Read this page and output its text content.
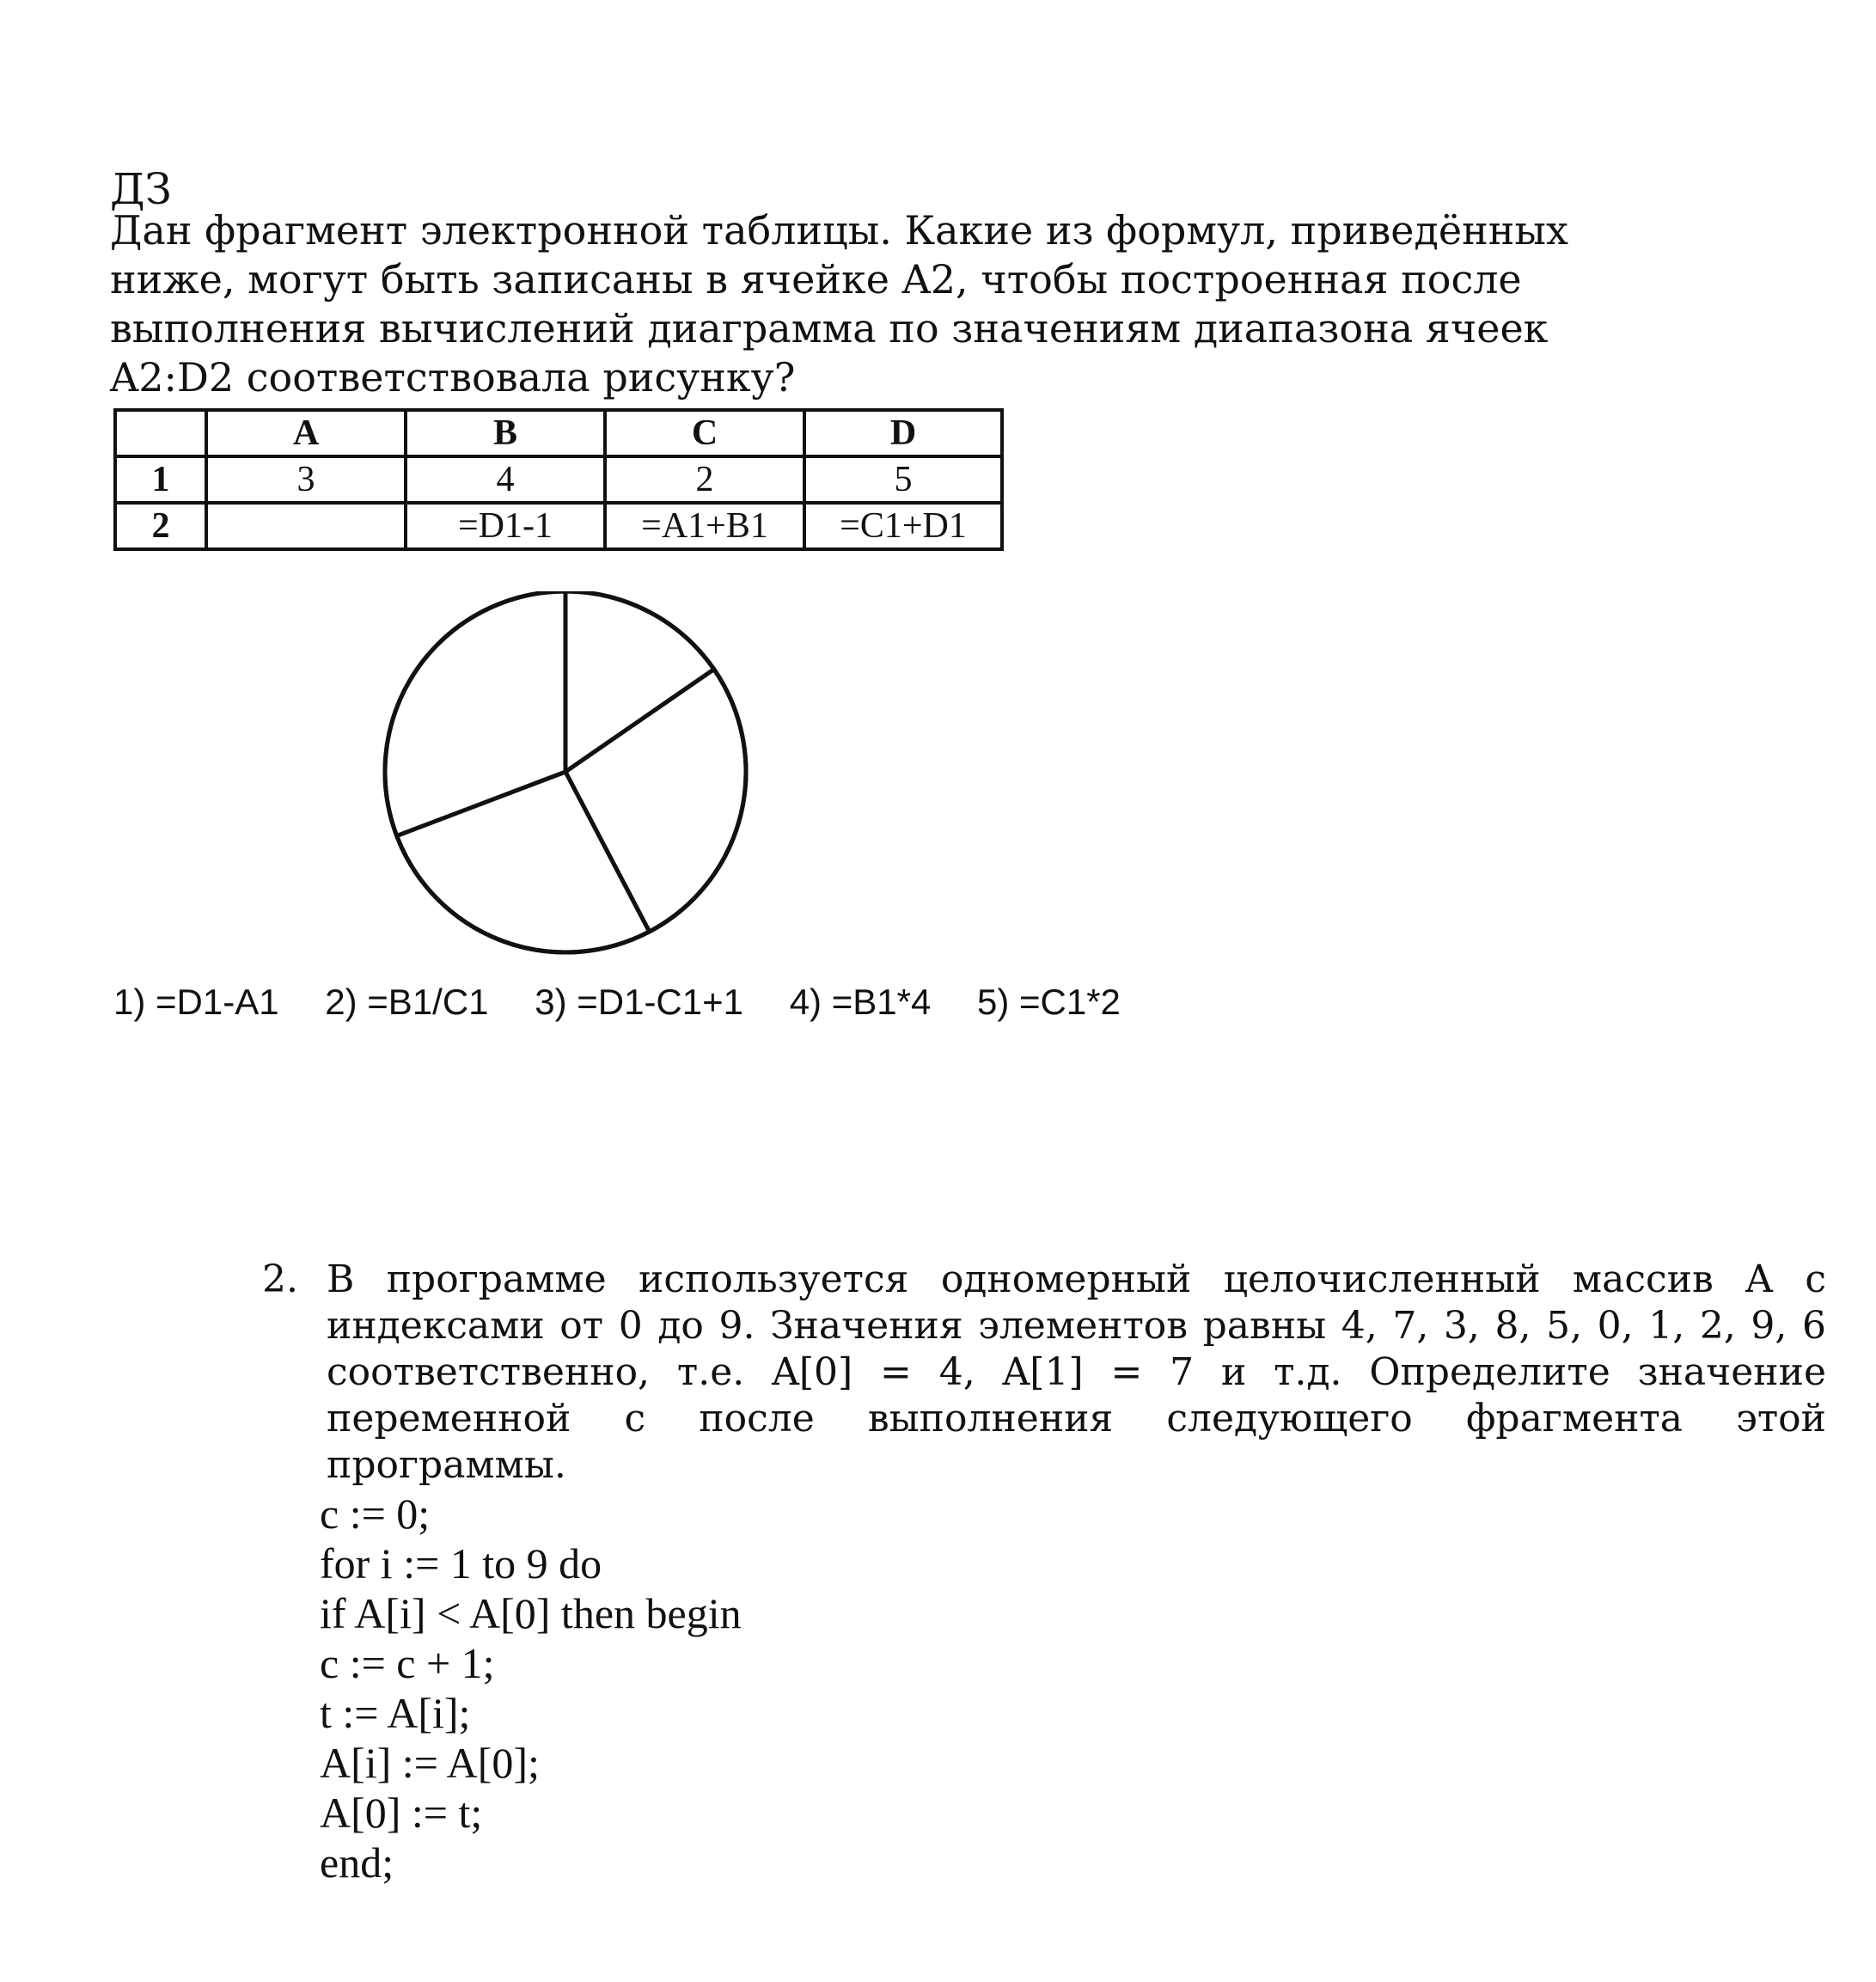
ДЗ
Дан фрагмент электронной таблицы. Какие из формул, приведённых
ниже, могут быть записаны в ячейке A2, чтобы построенная после
выполнения вычислений диаграмма по значениям диапазона ячеек
A2:D2 соответствовала рисунку?
	A	B	C	D
1	3	4	2	5
2		=D1-1	=A1+B1	=C1+D1
1) =D1-A1 2) =B1/C1 3) =D1-C1+1 4) =B1*4 5) =C1*2
2. В программе используется одномерный целочисленный массив A с
индексами от 0 до 9. Значения элементов равны 4, 7, 3, 8, 5, 0, 1, 2, 9, 6
соответственно, т.е. A[0] = 4, A[1] = 7 и т.д. Определите значение
переменной c после выполнения следующего фрагмента этой
программы.
c := 0;
for i := 1 to 9 do
if A[i] < A[0] then begin
c := c + 1;
t := A[i];
A[i] := A[0];
A[0] := t;
end;
